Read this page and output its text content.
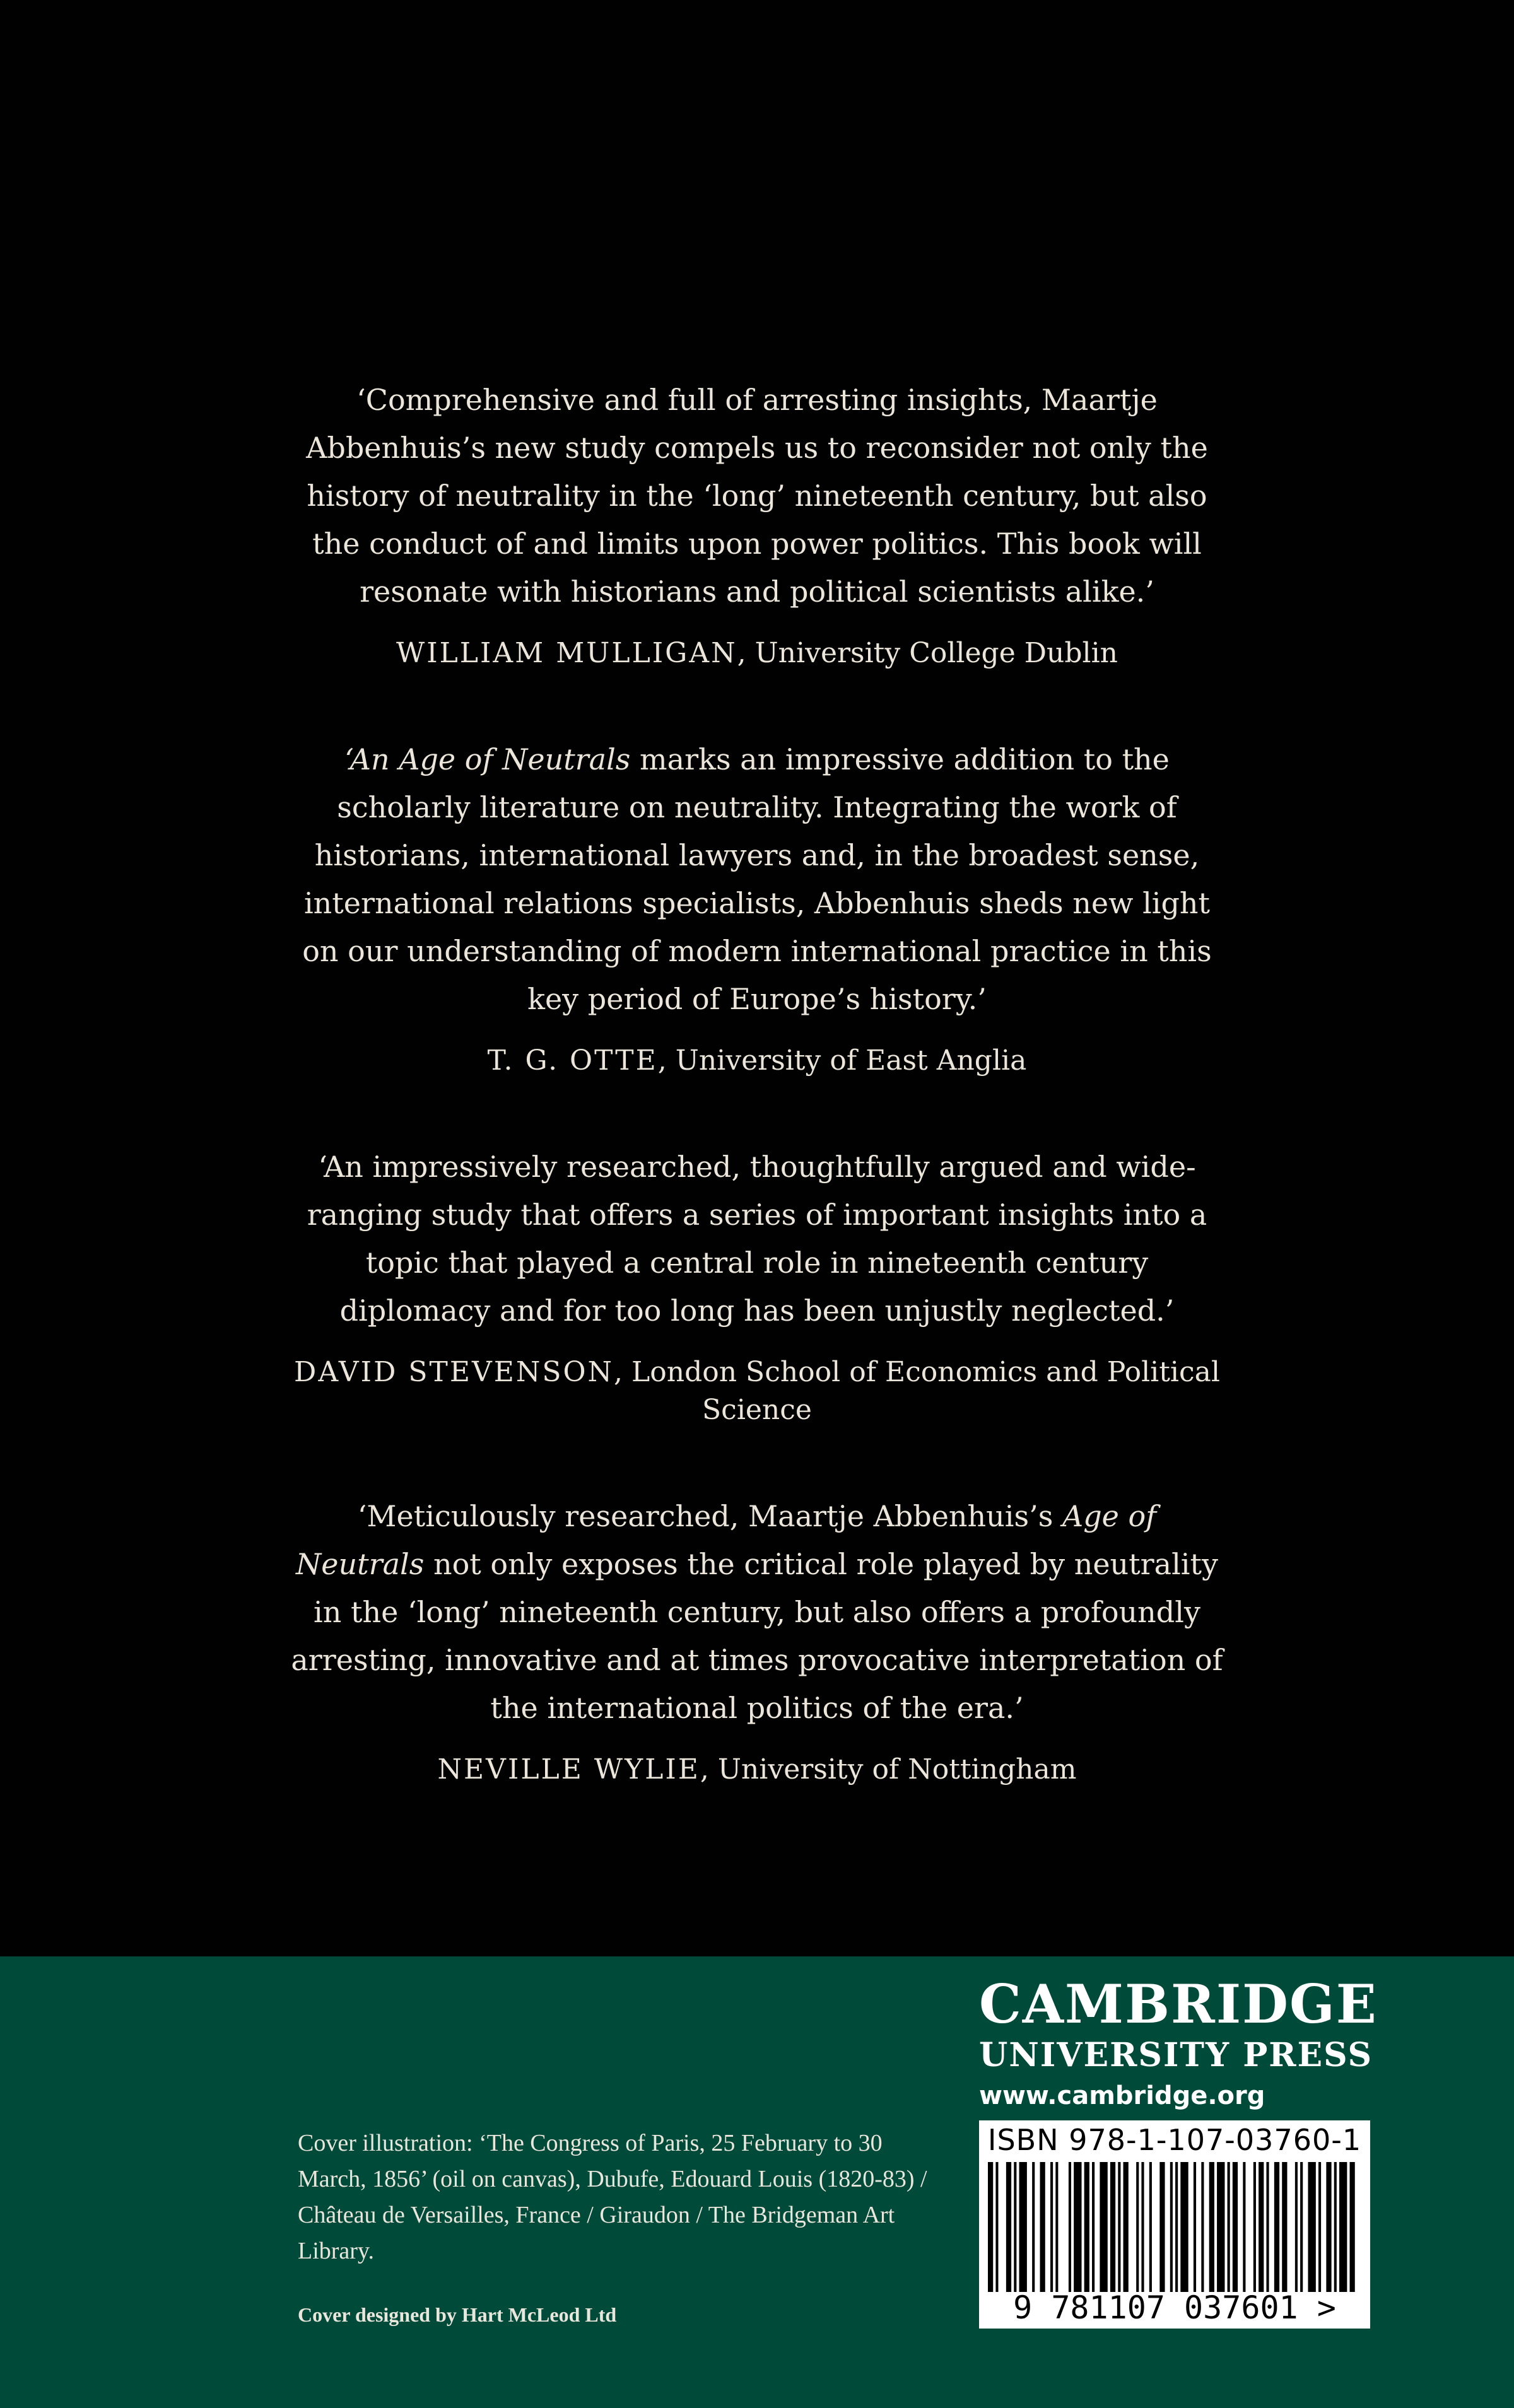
‘Comprehensive and full of arresting insights, Maartje Abbenhuis’s new study compels us to reconsider not only the history of neutrality in the ‘long’ nineteenth century, but also the conduct of and limits upon power politics. This book will resonate with historians and political scientists alike.’

WILLIAM MULLIGAN, University College Dublin

‘An Age of Neutrals marks an impressive addition to the scholarly literature on neutrality. Integrating the work of historians, international lawyers and, in the broadest sense, international relations specialists, Abbenhuis sheds new light on our understanding of modern international practice in this key period of Europe’s history.’

T. G. OTTE, University of East Anglia

‘An impressively researched, thoughtfully argued and wide-ranging study that offers a series of important insights into a topic that played a central role in nineteenth century diplomacy and for too long has been unjustly neglected.’

DAVID STEVENSON, London School of Economics and Political Science

‘Meticulously researched, Maartje Abbenhuis’s Age of Neutrals not only exposes the critical role played by neutrality in the ‘long’ nineteenth century, but also offers a profoundly arresting, innovative and at times provocative interpretation of the international politics of the era.’

NEVILLE WYLIE, University of Nottingham

CAMBRIDGE

UNIVERSITY PRESS

www.cambridge.org

Cover illustration: ‘The Congress of Paris, 25 February to 30 March, 1856’ (oil on canvas), Dubufe, Edouard Louis (1820-83) / Château de Versailles, France / Giraudon / The Bridgeman Art Library.

Cover designed by Hart McLeod Ltd

ISBN 978-1-107-03760-1
9 781107 037601 >
